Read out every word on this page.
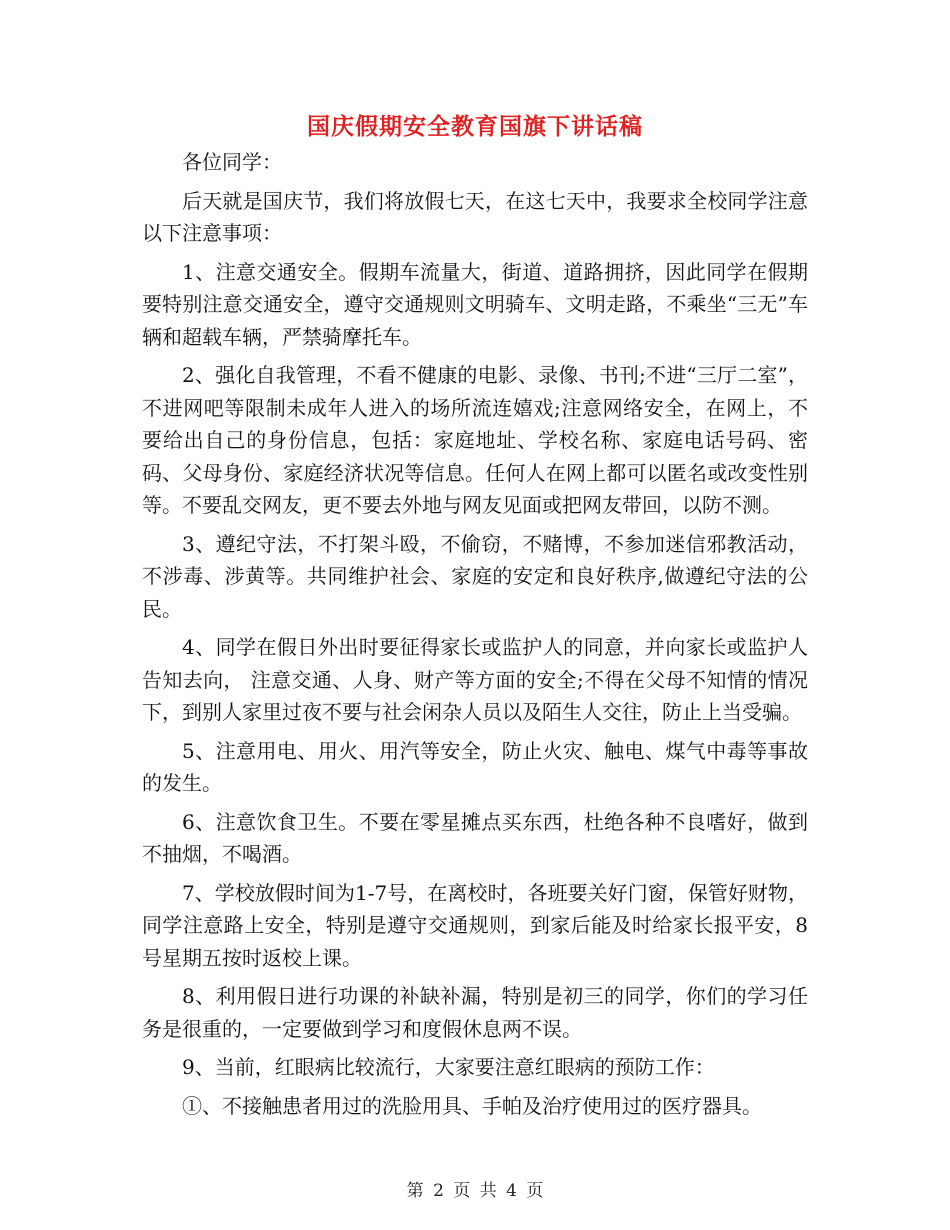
国庆假期安全教育国旗下讲话稿

各位同学：

后天就是国庆节，我们将放假七天，在这七天中，我要求全校同学注意以下注意事项：

1、注意交通安全。假期车流量大，街道、道路拥挤，因此同学在假期要特别注意交通安全，遵守交通规则文明骑车、文明走路，不乘坐“三无”车辆和超载车辆，严禁骑摩托车。

2、强化自我管理，不看不健康的电影、录像、书刊;不进“三厅二室”，不进网吧等限制未成年人进入的场所流连嬉戏;注意网络安全，在网上，不要给出自己的身份信息，包括：家庭地址、学校名称、家庭电话号码、密码、父母身份、家庭经济状况等信息。任何人在网上都可以匿名或改变性别等。不要乱交网友，更不要去外地与网友见面或把网友带回，以防不测。

3、遵纪守法，不打架斗殴，不偷窃，不赌博，不参加迷信邪教活动，不涉毒、涉黄等。共同维护社会、家庭的安定和良好秩序,做遵纪守法的公民。

4、同学在假日外出时要征得家长或监护人的同意，并向家长或监护人告知去向， 注意交通、人身、财产等方面的安全;不得在父母不知情的情况下，到别人家里过夜不要与社会闲杂人员以及陌生人交往，防止上当受骗。

5、注意用电、用火、用汽等安全，防止火灾、触电、煤气中毒等事故的发生。

6、注意饮食卫生。不要在零星摊点买东西，杜绝各种不良嗜好，做到不抽烟，不喝酒。

7、学校放假时间为1-7号，在离校时，各班要关好门窗，保管好财物，同学注意路上安全，特别是遵守交通规则，到家后能及时给家长报平安，8号星期五按时返校上课。

8、利用假日进行功课的补缺补漏，特别是初三的同学，你们的学习任务是很重的，一定要做到学习和度假休息两不误。

9、当前，红眼病比较流行，大家要注意红眼病的预防工作：

①、不接触患者用过的洗脸用具、手帕及治疗使用过的医疗器具。

第 2 页 共 4 页
